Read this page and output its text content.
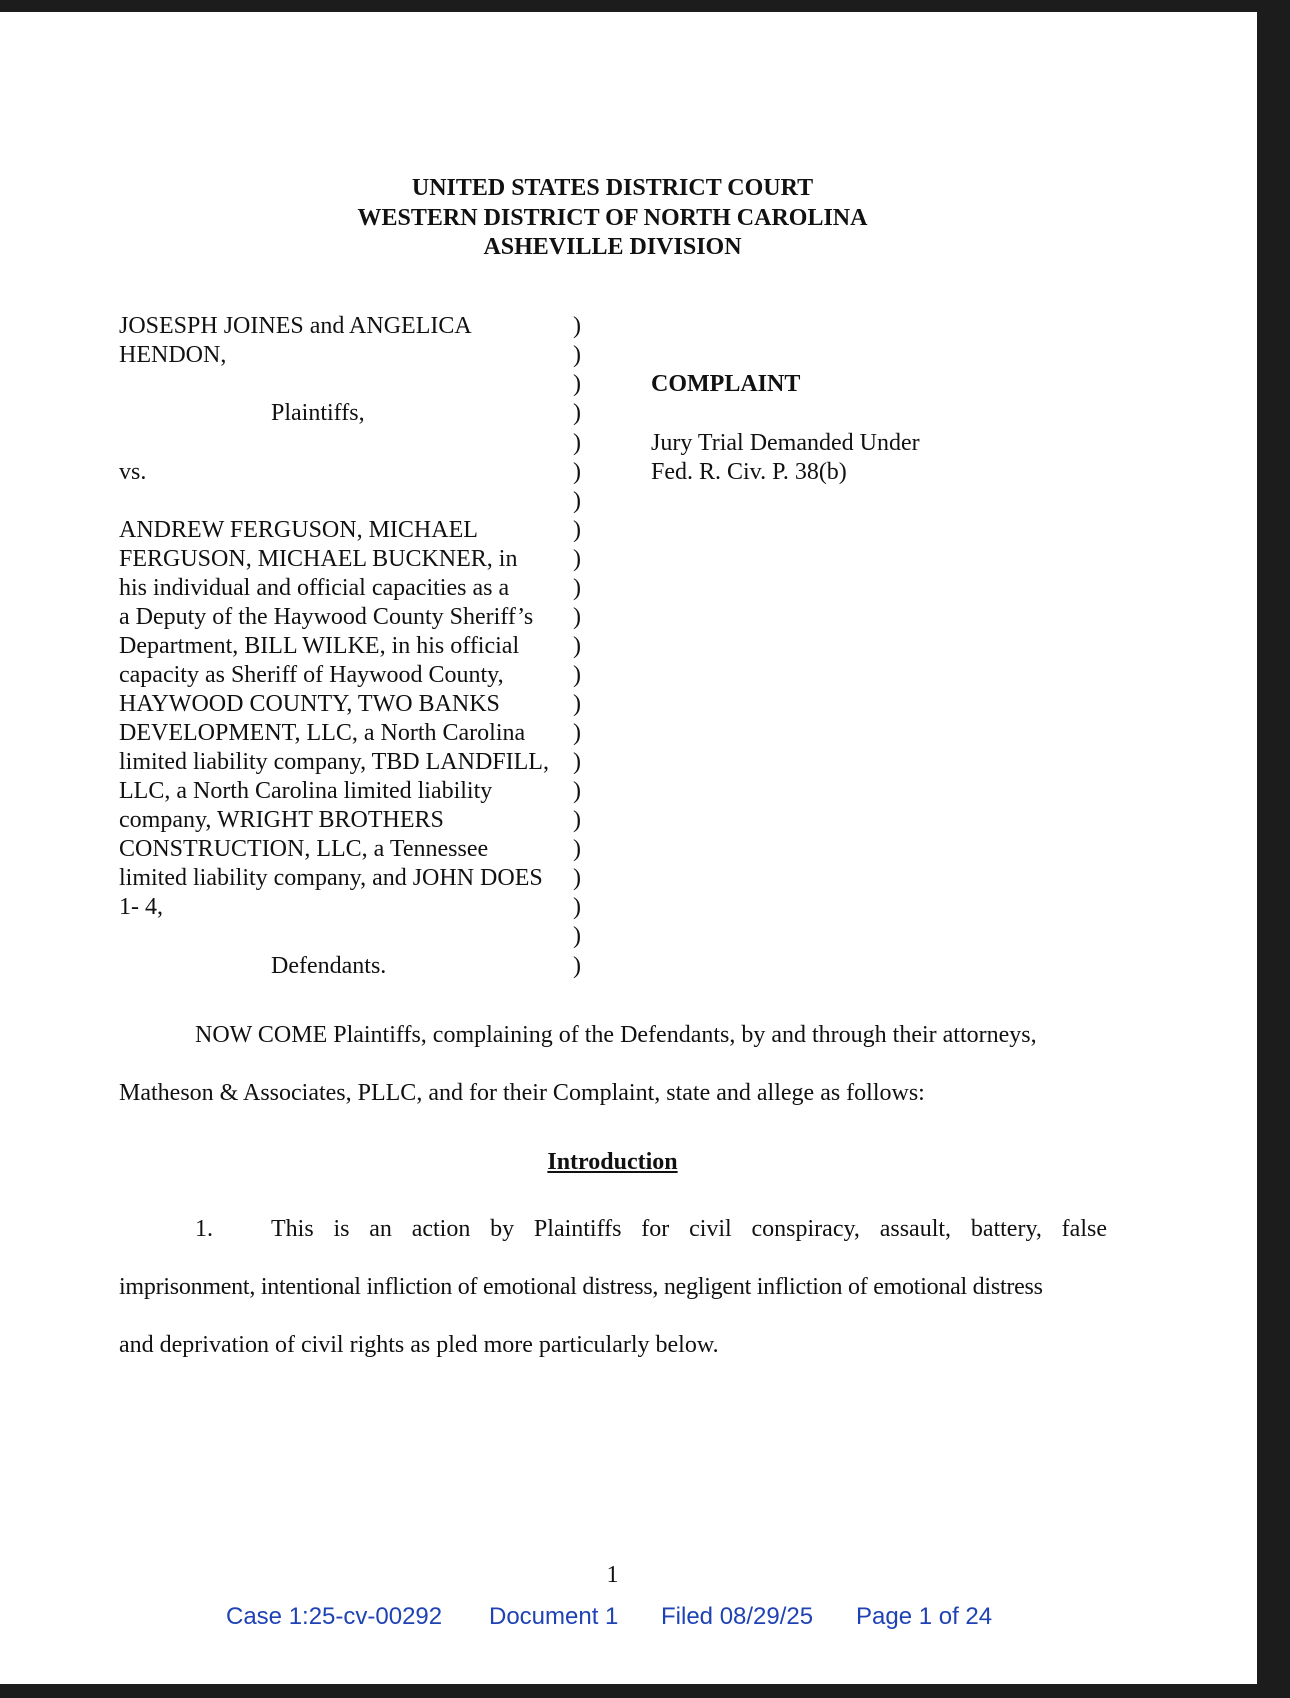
UNITED STATES DISTRICT COURT
WESTERN DISTRICT OF NORTH CAROLINA
ASHEVILLE DIVISION
JOSESPH JOINES and ANGELICA
HENDON,
Plaintiffs,
vs.
ANDREW FERGUSON, MICHAEL
FERGUSON, MICHAEL BUCKNER, in
his individual and official capacities as a
a Deputy of the Haywood County Sheriff’s
Department, BILL WILKE, in his official
capacity as Sheriff of Haywood County,
HAYWOOD COUNTY, TWO BANKS
DEVELOPMENT, LLC, a North Carolina
limited liability company, TBD LANDFILL,
LLC, a North Carolina limited liability
company, WRIGHT BROTHERS
CONSTRUCTION, LLC, a Tennessee
limited liability company, and JOHN DOES
1- 4,
Defendants.
)
)
)
)
)
)
)
)
)
)
)
)
)
)
)
)
)
)
)
)
)
)
)
COMPLAINT
Jury Trial Demanded Under
Fed. R. Civ. P. 38(b)
NOW COME Plaintiffs, complaining of the Defendants, by and through their attorneys,
Matheson & Associates, PLLC, and for their Complaint, state and allege as follows:
Introduction
1. This is an action by Plaintiffs for civil conspiracy, assault, battery, false
imprisonment, intentional infliction of emotional distress, negligent infliction of emotional distress
and deprivation of civil rights as pled more particularly below.
1
Case 1:25-cv-00292 Document 1 Filed 08/29/25 Page 1 of 24
